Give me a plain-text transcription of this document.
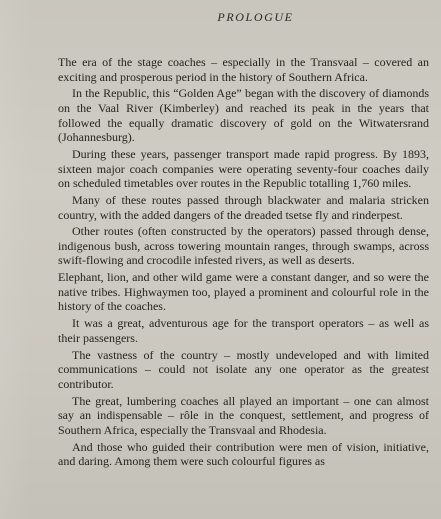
PROLOGUE

The era of the stage coaches – especially in the Transvaal – covered an exciting and prosperous period in the history of Southern Africa.

In the Republic, this “Golden Age” began with the discovery of diamonds on the Vaal River (Kimberley) and reached its peak in the years that followed the equally dramatic discovery of gold on the Witwatersrand (Johannesburg).

During these years, passenger transport made rapid progress. By 1893, sixteen major coach companies were operating seventy-four coaches daily on scheduled timetables over routes in the Republic totalling 1,760 miles.

Many of these routes passed through blackwater and malaria stricken country, with the added dangers of the dreaded tsetse fly and rinderpest.

Other routes (often constructed by the operators) passed through dense, indigenous bush, across towering mountain ranges, through swamps, across swift-flowing and crocodile infested rivers, as well as deserts.

Elephant, lion, and other wild game were a constant danger, and so were the native tribes. Highwaymen too, played a prominent and colourful role in the history of the coaches.

It was a great, adventurous age for the transport operators – as well as their passengers.

The vastness of the country – mostly undeveloped and with limited communications – could not isolate any one operator as the greatest contributor.

The great, lumbering coaches all played an important – one can almost say an indispensable – rôle in the conquest, settlement, and progress of Southern Africa, especially the Transvaal and Rhodesia.

And those who guided their contribution were men of vision, initiative, and daring. Among them were such colourful figures as
